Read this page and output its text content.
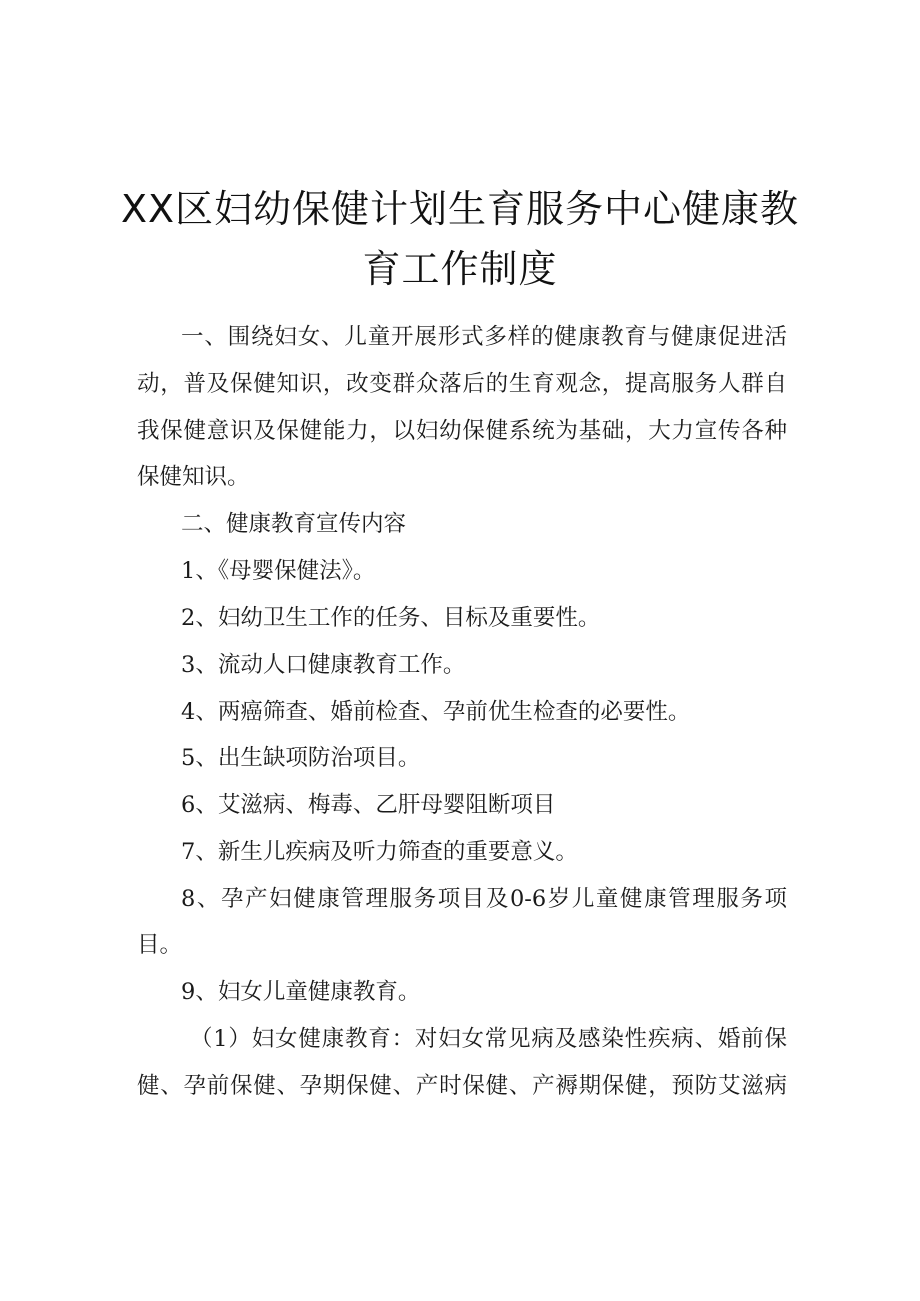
XX区妇幼保健计划生育服务中心健康教
育工作制度

一、围绕妇女、儿童开展形式多样的健康教育与健康促进活

动，普及保健知识，改变群众落后的生育观念，提高服务人群自

我保健意识及保健能力，以妇幼保健系统为基础，大力宣传各种

保健知识。

二、健康教育宣传内容

1、《母婴保健法》。

2、妇幼卫生工作的任务、目标及重要性。

3、流动人口健康教育工作。

4、两癌筛查、婚前检查、孕前优生检查的必要性。

5、出生缺项防治项目。

6、艾滋病、梅毒、乙肝母婴阻断项目

7、新生儿疾病及听力筛查的重要意义。

8、孕产妇健康管理服务项目及0-6岁儿童健康管理服务项

目。

9、妇女儿童健康教育。

（1）妇女健康教育：对妇女常见病及感染性疾病、婚前保

健、孕前保健、孕期保健、产时保健、产褥期保健，预防艾滋病
